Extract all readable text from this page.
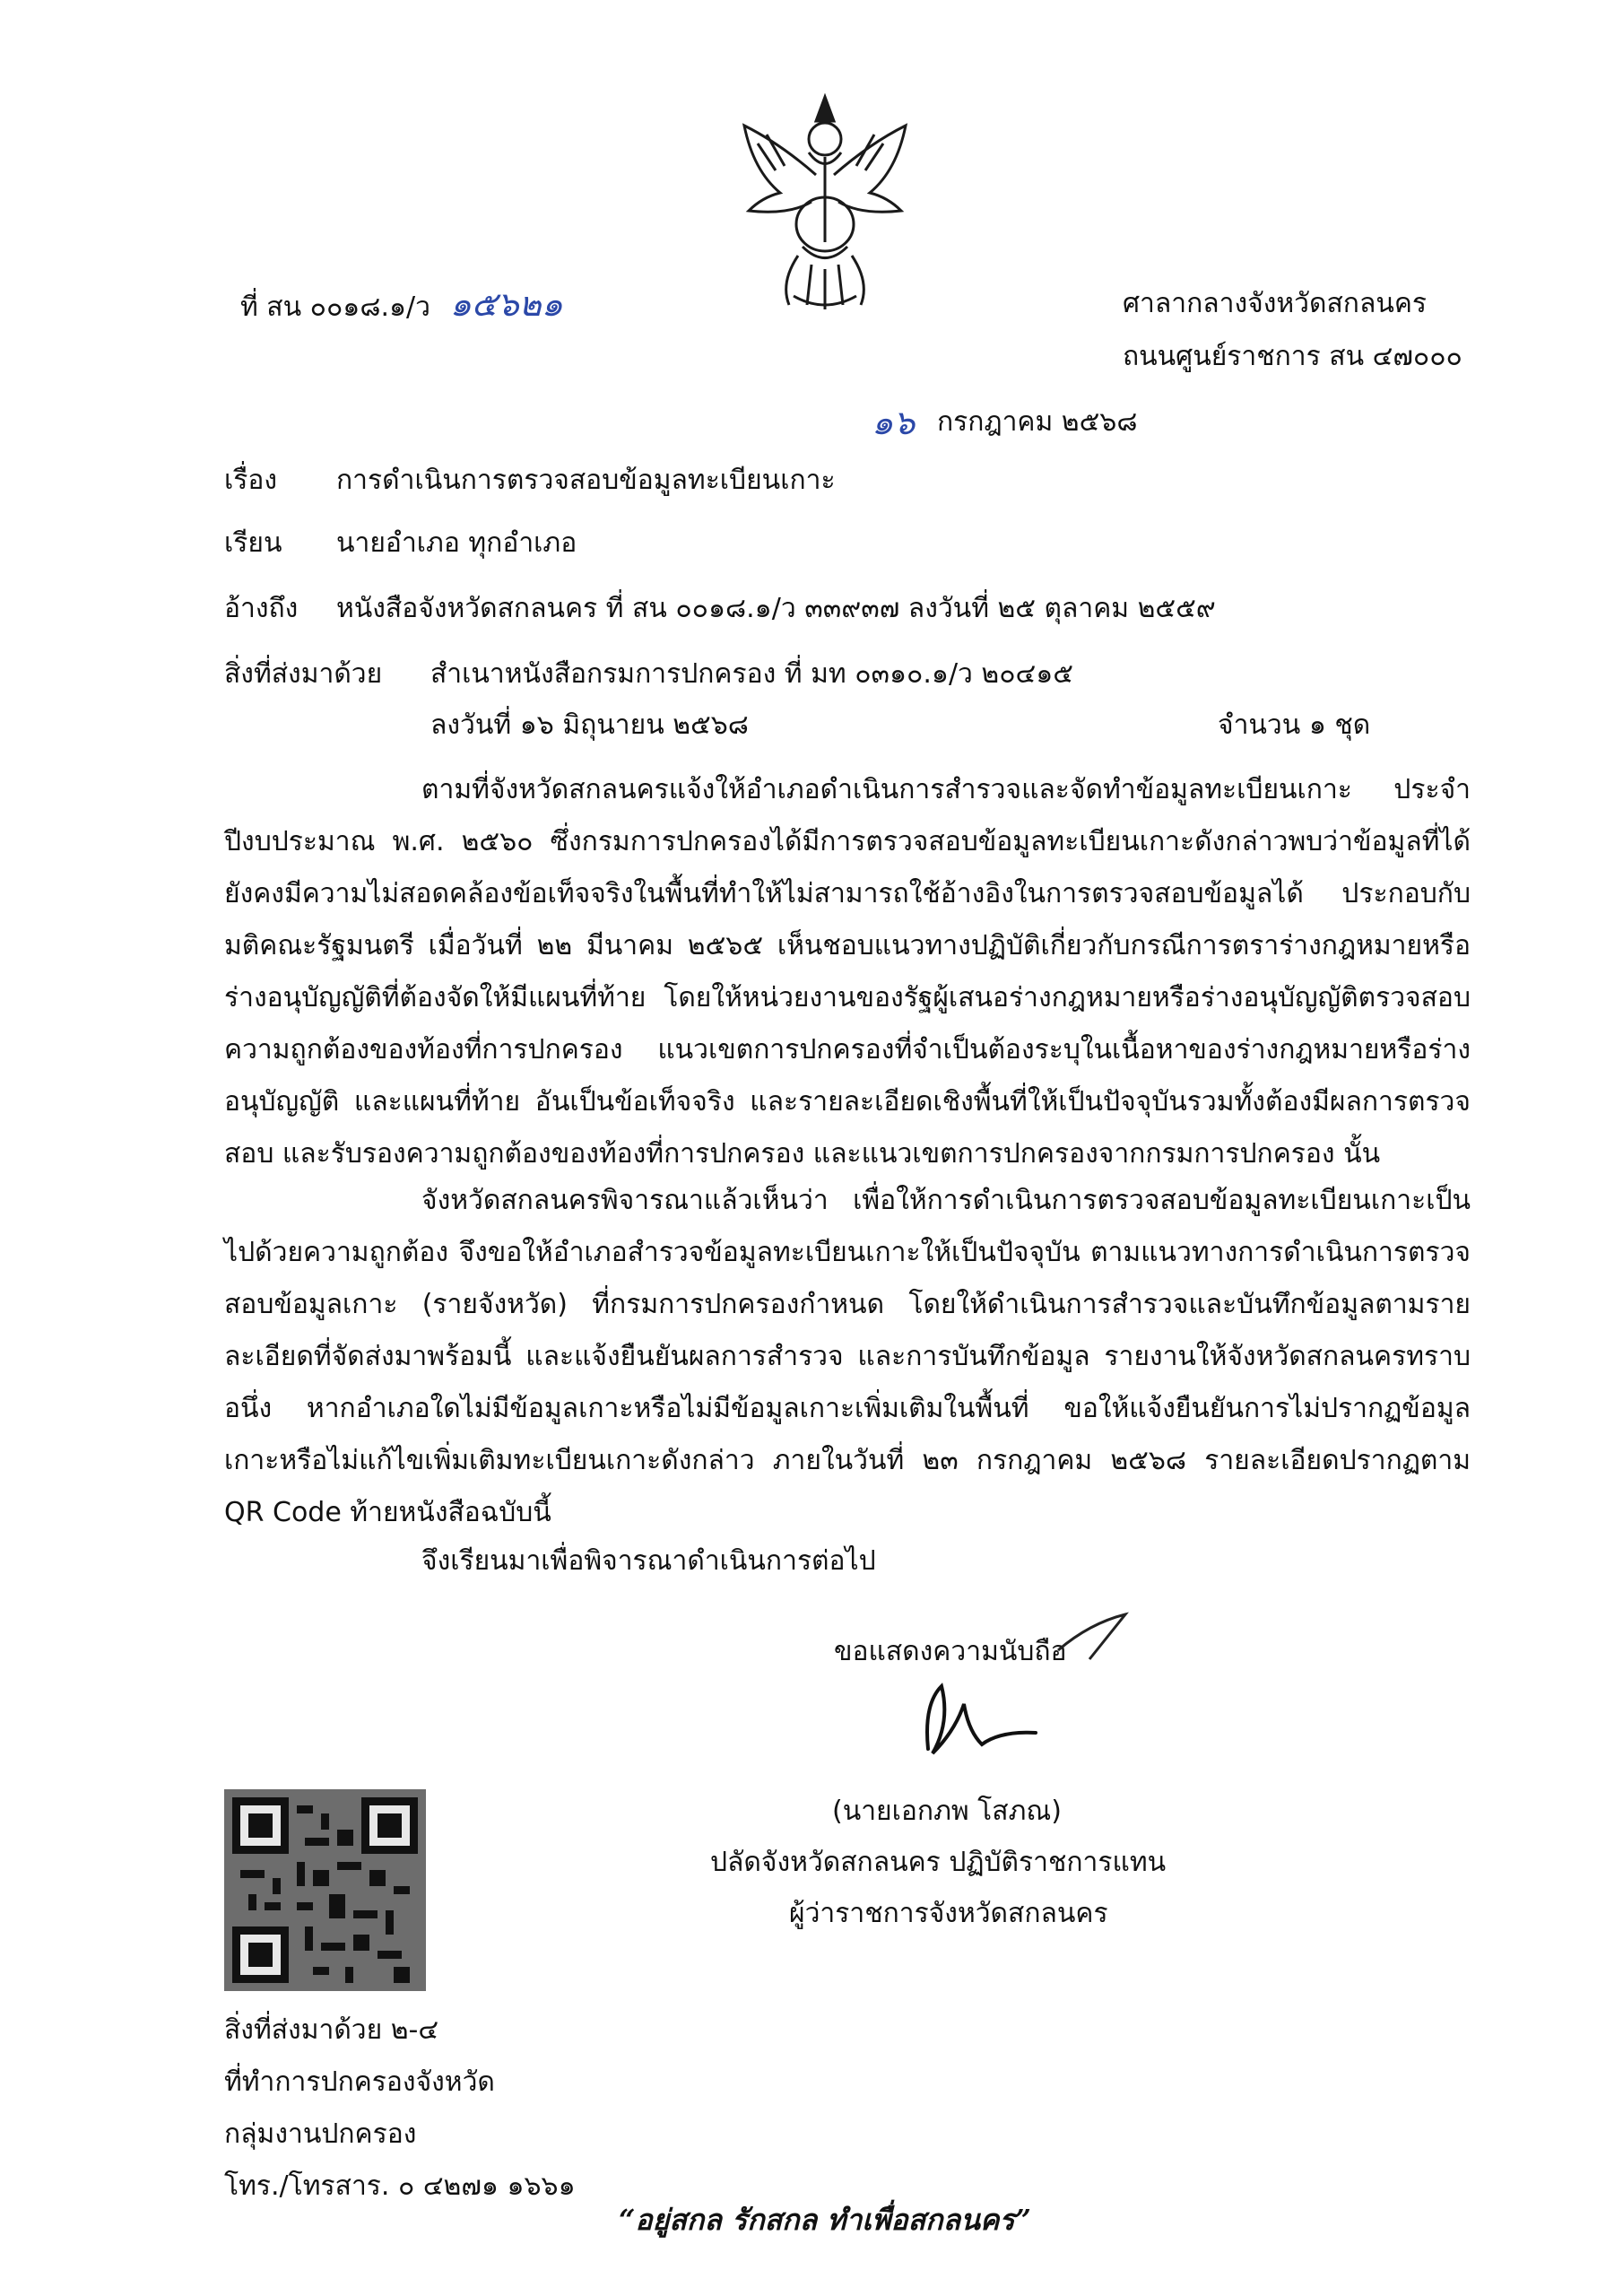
ที่ สน ๐๐๑๘.๑/ว ๑๕๖๒๑	ศาลากลางจังหวัดสกลนคร
ถนนศูนย์ราชการ สน ๔๗๐๐๐
๑๖ กรกฎาคม ๒๕๖๘
เรื่อง การดำเนินการตรวจสอบข้อมูลทะเบียนเกาะ
เรียน นายอำเภอ ทุกอำเภอ
อ้างถึง หนังสือจังหวัดสกลนคร ที่ สน ๐๐๑๘.๑/ว ๓๓๙๓๗ ลงวันที่ ๒๕ ตุลาคม ๒๕๕๙
สิ่งที่ส่งมาด้วย สำเนาหนังสือกรมการปกครอง ที่ มท ๐๓๑๐.๑/ว ๒๐๔๑๕
ลงวันที่ ๑๖ มิถุนายน ๒๕๖๘	จำนวน ๑ ชุด
ตามที่จังหวัดสกลนครแจ้งให้อำเภอดำเนินการสำรวจและจัดทำข้อมูลทะเบียนเกาะ ประจำปีงบประมาณ พ.ศ. ๒๕๖๐ ซึ่งกรมการปกครองได้มีการตรวจสอบข้อมูลทะเบียนเกาะดังกล่าวพบว่าข้อมูลที่ได้ยังคงมีความไม่สอดคล้องข้อเท็จจริงในพื้นที่ทำให้ไม่สามารถใช้อ้างอิงในการตรวจสอบข้อมูลได้ ประกอบกับมติคณะรัฐมนตรี เมื่อวันที่ ๒๒ มีนาคม ๒๕๖๕ เห็นชอบแนวทางปฏิบัติเกี่ยวกับกรณีการตราร่างกฎหมายหรือร่างอนุบัญญัติที่ต้องจัดให้มีแผนที่ท้าย โดยให้หน่วยงานของรัฐผู้เสนอร่างกฎหมายหรือร่างอนุบัญญัติตรวจสอบความถูกต้องของท้องที่การปกครอง แนวเขตการปกครองที่จำเป็นต้องระบุในเนื้อหาของร่างกฎหมายหรือร่างอนุบัญญัติ และแผนที่ท้าย อันเป็นข้อเท็จจริง และรายละเอียดเชิงพื้นที่ให้เป็นปัจจุบันรวมทั้งต้องมีผลการตรวจสอบ และรับรองความถูกต้องของท้องที่การปกครอง และแนวเขตการปกครองจากกรมการปกครอง นั้น
จังหวัดสกลนครพิจารณาแล้วเห็นว่า เพื่อให้การดำเนินการตรวจสอบข้อมูลทะเบียนเกาะเป็นไปด้วยความถูกต้อง จึงขอให้อำเภอสำรวจข้อมูลทะเบียนเกาะให้เป็นปัจจุบัน ตามแนวทางการดำเนินการตรวจสอบข้อมูลเกาะ (รายจังหวัด) ที่กรมการปกครองกำหนด โดยให้ดำเนินการสำรวจและบันทึกข้อมูลตามรายละเอียดที่จัดส่งมาพร้อมนี้ และแจ้งยืนยันผลการสำรวจ และการบันทึกข้อมูล รายงานให้จังหวัดสกลนครทราบ อนึ่ง หากอำเภอใดไม่มีข้อมูลเกาะหรือไม่มีข้อมูลเกาะเพิ่มเติมในพื้นที่ ขอให้แจ้งยืนยันการไม่ปรากฏข้อมูลเกาะหรือไม่แก้ไขเพิ่มเติมทะเบียนเกาะดังกล่าว ภายในวันที่ ๒๓ กรกฎาคม ๒๕๖๘ รายละเอียดปรากฏตาม QR Code ท้ายหนังสือฉบับนี้
จึงเรียนมาเพื่อพิจารณาดำเนินการต่อไป
ขอแสดงความนับถือ
(นายเอกภพ โสภณ)
ปลัดจังหวัดสกลนคร ปฏิบัติราชการแทน
ผู้ว่าราชการจังหวัดสกลนคร
สิ่งที่ส่งมาด้วย ๒-๔
ที่ทำการปกครองจังหวัด
กลุ่มงานปกครอง
โทร./โทรสาร. ๐ ๔๒๗๑ ๑๖๖๑
“อยู่สกล รักสกล ทำเพื่อสกลนคร”
